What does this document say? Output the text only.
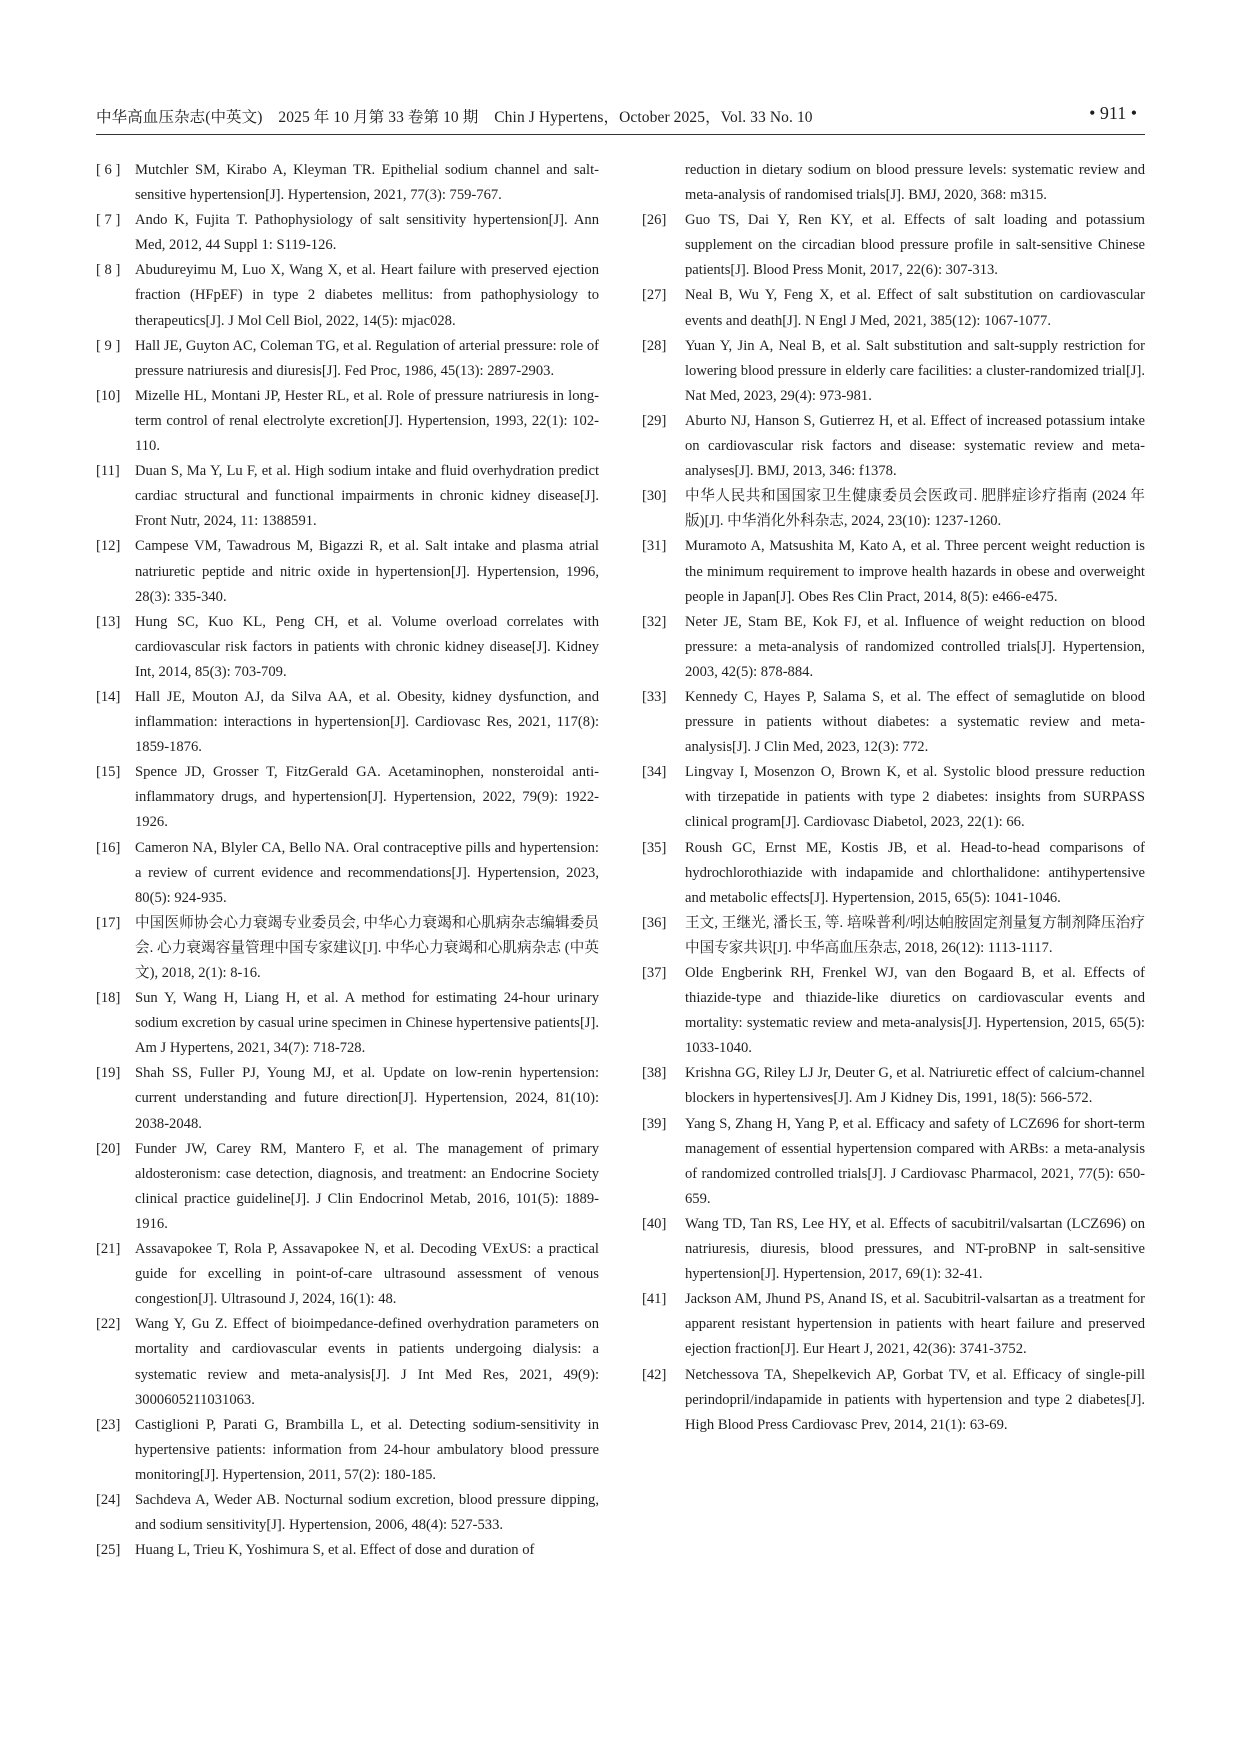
中华高血压杂志(中英文)    2025 年 10 月第 33 卷第 10 期    Chin J Hypertens，October 2025，Vol. 33 No. 10	• 911 •
[ 6 ]	Mutchler SM, Kirabo A, Kleyman TR. Epithelial sodium channel and salt-sensitive hypertension[J]. Hypertension, 2021, 77(3): 759-767.
[ 7 ]	Ando K, Fujita T. Pathophysiology of salt sensitivity hypertension[J]. Ann Med, 2012, 44 Suppl 1: S119-126.
[ 8 ]	Abudureyimu M, Luo X, Wang X, et al. Heart failure with preserved ejection fraction (HFpEF) in type 2 diabetes mellitus: from pathophysiology to therapeutics[J]. J Mol Cell Biol, 2022, 14(5): mjac028.
[ 9 ]	Hall JE, Guyton AC, Coleman TG, et al. Regulation of arterial pressure: role of pressure natriuresis and diuresis[J]. Fed Proc, 1986, 45(13): 2897-2903.
[10]	Mizelle HL, Montani JP, Hester RL, et al. Role of pressure natriuresis in long-term control of renal electrolyte excretion[J]. Hypertension, 1993, 22(1): 102-110.
[11]	Duan S, Ma Y, Lu F, et al. High sodium intake and fluid overhydration predict cardiac structural and functional impairments in chronic kidney disease[J]. Front Nutr, 2024, 11: 1388591.
[12]	Campese VM, Tawadrous M, Bigazzi R, et al. Salt intake and plasma atrial natriuretic peptide and nitric oxide in hypertension[J]. Hypertension, 1996, 28(3): 335-340.
[13]	Hung SC, Kuo KL, Peng CH, et al. Volume overload correlates with cardiovascular risk factors in patients with chronic kidney disease[J]. Kidney Int, 2014, 85(3): 703-709.
[14]	Hall JE, Mouton AJ, da Silva AA, et al. Obesity, kidney dysfunction, and inflammation: interactions in hypertension[J]. Cardiovasc Res, 2021, 117(8): 1859-1876.
[15]	Spence JD, Grosser T, FitzGerald GA. Acetaminophen, nonsteroidal anti-inflammatory drugs, and hypertension[J]. Hypertension, 2022, 79(9): 1922-1926.
[16]	Cameron NA, Blyler CA, Bello NA. Oral contraceptive pills and hypertension: a review of current evidence and recommendations[J]. Hypertension, 2023, 80(5): 924-935.
[17]	中国医师协会心力衰竭专业委员会, 中华心力衰竭和心肌病杂志编辑委员会. 心力衰竭容量管理中国专家建议[J]. 中华心力衰竭和心肌病杂志 (中英文), 2018, 2(1): 8-16.
[18]	Sun Y, Wang H, Liang H, et al. A method for estimating 24-hour urinary sodium excretion by casual urine specimen in Chinese hypertensive patients[J]. Am J Hypertens, 2021, 34(7): 718-728.
[19]	Shah SS, Fuller PJ, Young MJ, et al. Update on low-renin hypertension: current understanding and future direction[J]. Hypertension, 2024, 81(10): 2038-2048.
[20]	Funder JW, Carey RM, Mantero F, et al. The management of primary aldosteronism: case detection, diagnosis, and treatment: an Endocrine Society clinical practice guideline[J]. J Clin Endocrinol Metab, 2016, 101(5): 1889-1916.
[21]	Assavapokee T, Rola P, Assavapokee N, et al. Decoding VExUS: a practical guide for excelling in point-of-care ultrasound assessment of venous congestion[J]. Ultrasound J, 2024, 16(1): 48.
[22]	Wang Y, Gu Z. Effect of bioimpedance-defined overhydration parameters on mortality and cardiovascular events in patients undergoing dialysis: a systematic review and meta-analysis[J]. J Int Med Res, 2021, 49(9): 3000605211031063.
[23]	Castiglioni P, Parati G, Brambilla L, et al. Detecting sodium-sensitivity in hypertensive patients: information from 24-hour ambulatory blood pressure monitoring[J]. Hypertension, 2011, 57(2): 180-185.
[24]	Sachdeva A, Weder AB. Nocturnal sodium excretion, blood pressure dipping, and sodium sensitivity[J]. Hypertension, 2006, 48(4): 527-533.
[25]	Huang L, Trieu K, Yoshimura S, et al. Effect of dose and duration of
reduction in dietary sodium on blood pressure levels: systematic review and meta-analysis of randomised trials[J]. BMJ, 2020, 368: m315.
[26]	Guo TS, Dai Y, Ren KY, et al. Effects of salt loading and potassium supplement on the circadian blood pressure profile in salt-sensitive Chinese patients[J]. Blood Press Monit, 2017, 22(6): 307-313.
[27]	Neal B, Wu Y, Feng X, et al. Effect of salt substitution on cardiovascular events and death[J]. N Engl J Med, 2021, 385(12): 1067-1077.
[28]	Yuan Y, Jin A, Neal B, et al. Salt substitution and salt-supply restriction for lowering blood pressure in elderly care facilities: a cluster-randomized trial[J]. Nat Med, 2023, 29(4): 973-981.
[29]	Aburto NJ, Hanson S, Gutierrez H, et al. Effect of increased potassium intake on cardiovascular risk factors and disease: systematic review and meta-analyses[J]. BMJ, 2013, 346: f1378.
[30]	中华人民共和国国家卫生健康委员会医政司. 肥胖症诊疗指南 (2024 年版)[J]. 中华消化外科杂志, 2024, 23(10): 1237-1260.
[31]	Muramoto A, Matsushita M, Kato A, et al. Three percent weight reduction is the minimum requirement to improve health hazards in obese and overweight people in Japan[J]. Obes Res Clin Pract, 2014, 8(5): e466-e475.
[32]	Neter JE, Stam BE, Kok FJ, et al. Influence of weight reduction on blood pressure: a meta-analysis of randomized controlled trials[J]. Hypertension, 2003, 42(5): 878-884.
[33]	Kennedy C, Hayes P, Salama S, et al. The effect of semaglutide on blood pressure in patients without diabetes: a systematic review and meta-analysis[J]. J Clin Med, 2023, 12(3): 772.
[34]	Lingvay I, Mosenzon O, Brown K, et al. Systolic blood pressure reduction with tirzepatide in patients with type 2 diabetes: insights from SURPASS clinical program[J]. Cardiovasc Diabetol, 2023, 22(1): 66.
[35]	Roush GC, Ernst ME, Kostis JB, et al. Head-to-head comparisons of hydrochlorothiazide with indapamide and chlorthalidone: antihypertensive and metabolic effects[J]. Hypertension, 2015, 65(5): 1041-1046.
[36]	王文, 王继光, 潘长玉, 等. 培哚普利/吲达帕胺固定剂量复方制剂降压治疗中国专家共识[J]. 中华高血压杂志, 2018, 26(12): 1113-1117.
[37]	Olde Engberink RH, Frenkel WJ, van den Bogaard B, et al. Effects of thiazide-type and thiazide-like diuretics on cardiovascular events and mortality: systematic review and meta-analysis[J]. Hypertension, 2015, 65(5): 1033-1040.
[38]	Krishna GG, Riley LJ Jr, Deuter G, et al. Natriuretic effect of calcium-channel blockers in hypertensives[J]. Am J Kidney Dis, 1991, 18(5): 566-572.
[39]	Yang S, Zhang H, Yang P, et al. Efficacy and safety of LCZ696 for short-term management of essential hypertension compared with ARBs: a meta-analysis of randomized controlled trials[J]. J Cardiovasc Pharmacol, 2021, 77(5): 650-659.
[40]	Wang TD, Tan RS, Lee HY, et al. Effects of sacubitril/valsartan (LCZ696) on natriuresis, diuresis, blood pressures, and NT-proBNP in salt-sensitive hypertension[J]. Hypertension, 2017, 69(1): 32-41.
[41]	Jackson AM, Jhund PS, Anand IS, et al. Sacubitril-valsartan as a treatment for apparent resistant hypertension in patients with heart failure and preserved ejection fraction[J]. Eur Heart J, 2021, 42(36): 3741-3752.
[42]	Netchessova TA, Shepelkevich AP, Gorbat TV, et al. Efficacy of single-pill perindopril/indapamide in patients with hypertension and type 2 diabetes[J]. High Blood Press Cardiovasc Prev, 2014, 21(1): 63-69.
